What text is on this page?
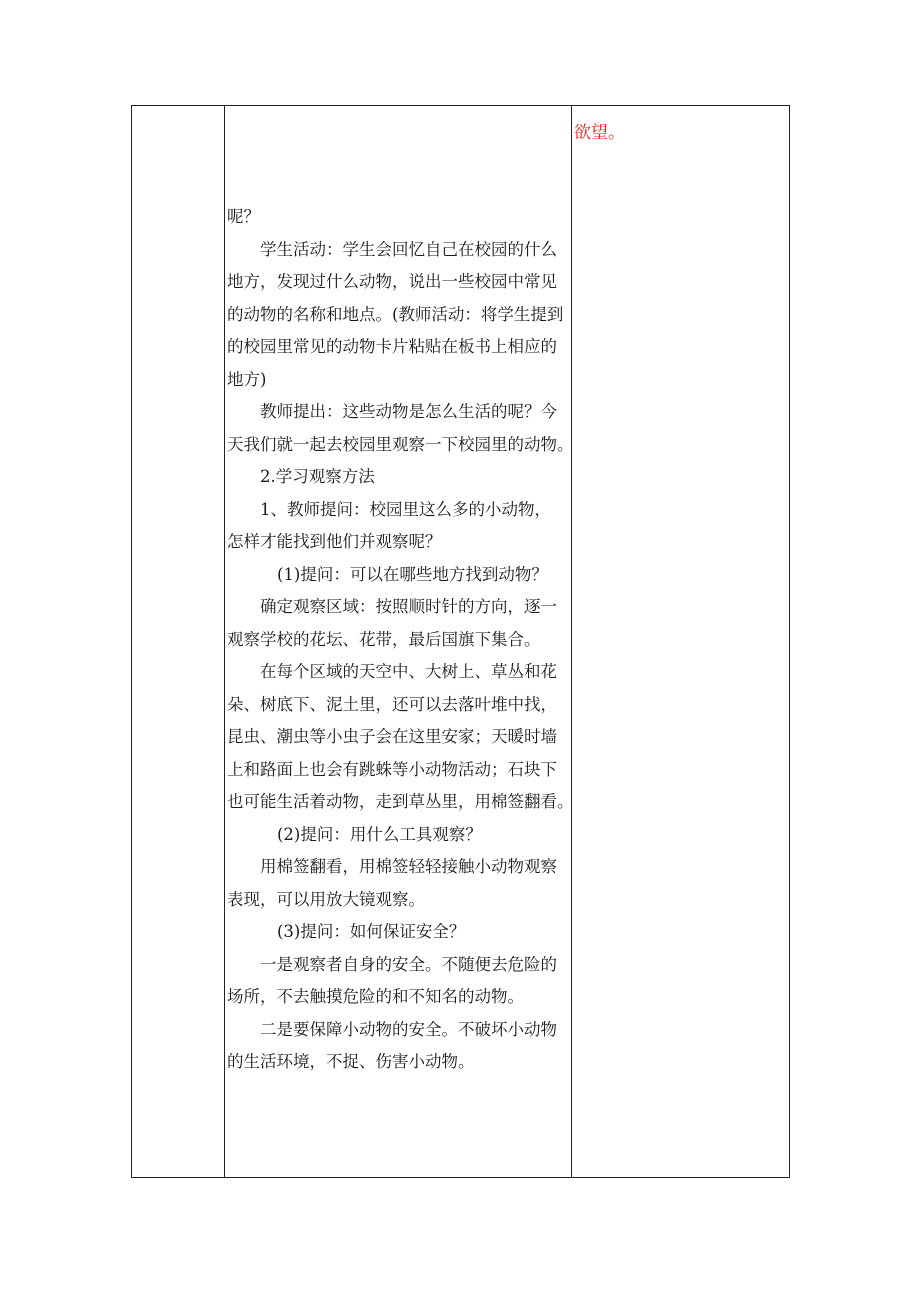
呢？
学生活动：学生会回忆自己在校园的什么
地方，发现过什么动物，说出一些校园中常见
的动物的名称和地点。(教师活动：将学生提到
的校园里常见的动物卡片粘贴在板书上相应的
地方)
教师提出：这些动物是怎么生活的呢？今
天我们就一起去校园里观察一下校园里的动物。
2.学习观察方法
1、教师提问：校园里这么多的小动物，
怎样才能找到他们并观察呢？
(1)提问：可以在哪些地方找到动物？
确定观察区域：按照顺时针的方向，逐一
观察学校的花坛、花带，最后国旗下集合。
在每个区域的天空中、大树上、草丛和花
朵、树底下、泥土里，还可以去落叶堆中找，
昆虫、潮虫等小虫子会在这里安家；天暖时墙
上和路面上也会有跳蛛等小动物活动；石块下
也可能生活着动物，走到草丛里，用棉签翻看。
(2)提问：用什么工具观察？
用棉签翻看，用棉签轻轻接触小动物观察
表现，可以用放大镜观察。
(3)提问：如何保证安全？
一是观察者自身的安全。不随便去危险的
场所，不去触摸危险的和不知名的动物。
二是要保障小动物的安全。不破坏小动物
的生活环境，不捉、伤害小动物。
欲望。
